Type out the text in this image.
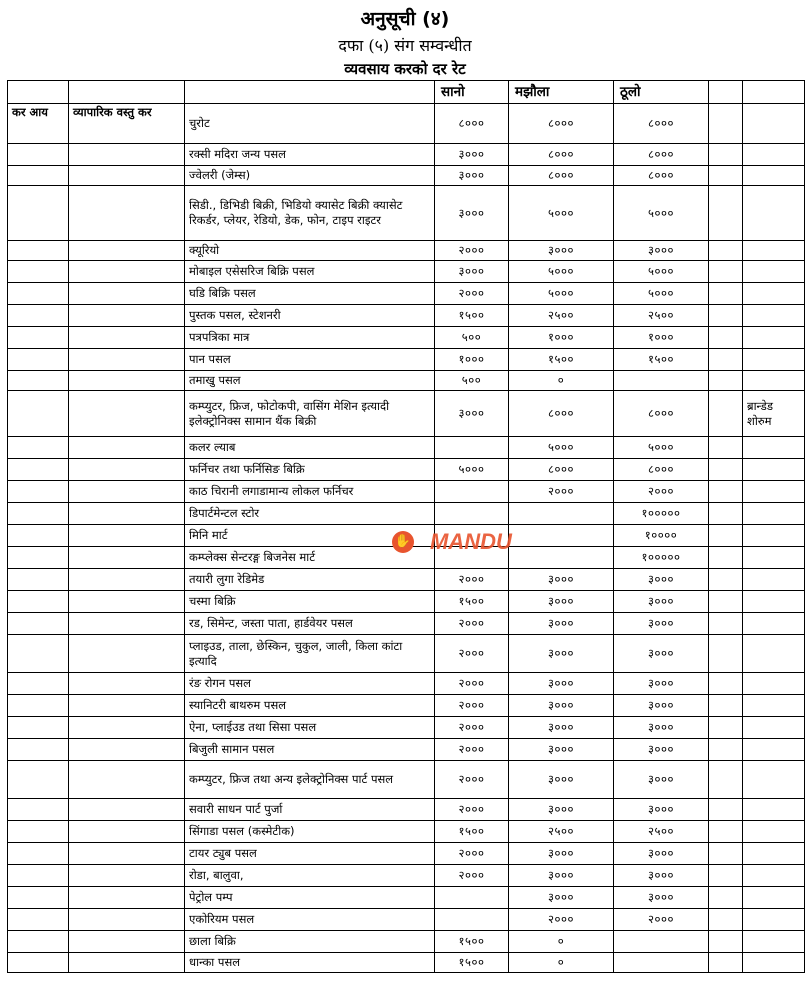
अनुसूची (४)
दफा (५) संग सम्वन्धीत
व्यवसाय करको दर रेट
			सानो	मझौला	ठूलो		
कर आय	व्यापारिक वस्तु कर	चुरोट	८०००	८०००	८०००		
		रक्सी मदिरा जन्य पसल	३०००	८०००	८०००		
		ज्वेलरी (जेम्स)	३०००	८०००	८०००		
		सिडी., डिभिडी बिक्री, भिडियो क्यासेट बिक्री क्यासेट रिकर्डर, प्लेयर, रेडियो, डेक, फोन, टाइप राइटर	३०००	५०००	५०००		
		क्यूरियो	२०००	३०००	३०००		
		मोबाइल एसेसरिज बिक्रि पसल	३०००	५०००	५०००		
		घडि बिक्रि पसल	२०००	५०००	५०००		
		पुस्तक पसल, स्टेशनरी	१५००	२५००	२५००		
		पत्रपत्रिका मात्र	५००	१०००	१०००		
		पान पसल	१०००	१५००	१५००		
		तमाखु पसल	५००	०			
		कम्प्युटर, फ्रिज, फोटोकपी, वासिंग मेशिन इत्यादी इलेक्ट्रोनिक्स सामान थैंक बिक्री	३०००	८०००	८०००		ब्रान्डेड शोरुम
		कलर ल्याब		५०००	५०००		
		फर्निचर तथा फर्निसिङ बिक्रि	५०००	८०००	८०००		
		काठ चिरानी लगाडामान्य लोकल फर्निचर		२०००	२०००		
		डिपार्टमेन्टल स्टोर			१०००००		
		मिनि मार्ट			१००००		
		कम्प्लेक्स सेन्टरङ्ग बिजनेस मार्ट			१०००००		
		तयारी लुगा रेडिमेड	२०००	३०००	३०००		
		चस्मा बिक्रि	१५००	३०००	३०००		
		रड, सिमेन्ट, जस्ता पाता, हार्डवेयर पसल	२०००	३०००	३०००		
		प्लाइउड, ताला, छेस्किन, चुकुल, जाली, किला कांटा इत्यादि	२०००	३०००	३०००		
		रंङ रोगन पसल	२०००	३०००	३०००		
		स्यानिटरी बाथरुम पसल	२०००	३०००	३०००		
		ऐना, प्लाईउड तथा सिसा पसल	२०००	३०००	३०००		
		बिजुली सामान पसल	२०००	३०००	३०००		
		कम्प्युटर, फ्रिज तथा अन्य इलेक्ट्रोनिक्स पार्ट पसल	२०००	३०००	३०००		
		सवारी साधन पार्ट पुर्जा	२०००	३०००	३०००		
		सिंगाडा पसल (कस्मेटीक)	१५००	२५००	२५००		
		टायर ट्युब पसल	२०००	३०००	३०००		
		रोडा, बालुवा,	२०००	३०००	३०००		
		पेट्रोल पम्प		३०००	३०००		
		एकोरियम पसल		२०००	२०००		
		छाला बिक्रि	१५००	०			
		धान्का पसल	१५००	०			
✋ MANDU
